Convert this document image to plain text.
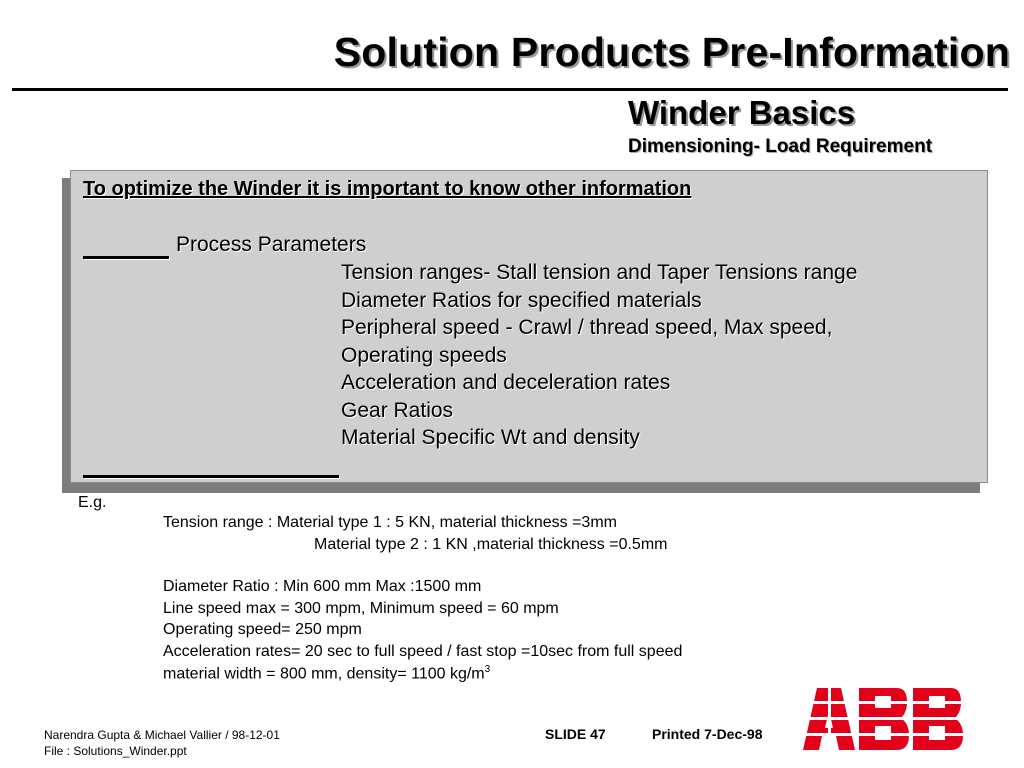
Solution Products Pre-Information
Winder Basics
Dimensioning- Load Requirement
To optimize the Winder it is important to know other information
Process Parameters
Tension ranges- Stall tension and Taper Tensions range
Diameter Ratios for specified materials
Peripheral speed - Crawl / thread speed, Max speed,
Operating speeds
Acceleration and deceleration rates
Gear Ratios
Material Specific Wt and density
E.g.
Tension range : Material type 1 : 5 KN, material thickness =3mm
Material type 2 : 1 KN ,material thickness =0.5mm
Diameter Ratio : Min 600 mm Max :1500 mm
Line speed max = 300 mpm, Minimum speed = 60 mpm
Operating speed= 250 mpm
Acceleration rates= 20 sec to full speed / fast stop =10sec from full speed
material width = 800 mm, density= 1100 $kg/m^3$
Narendra Gupta & Michael Vallier / 98-12-01
File : Solutions_Winder.ppt
SLIDE 47	Printed 7-Dec-98
